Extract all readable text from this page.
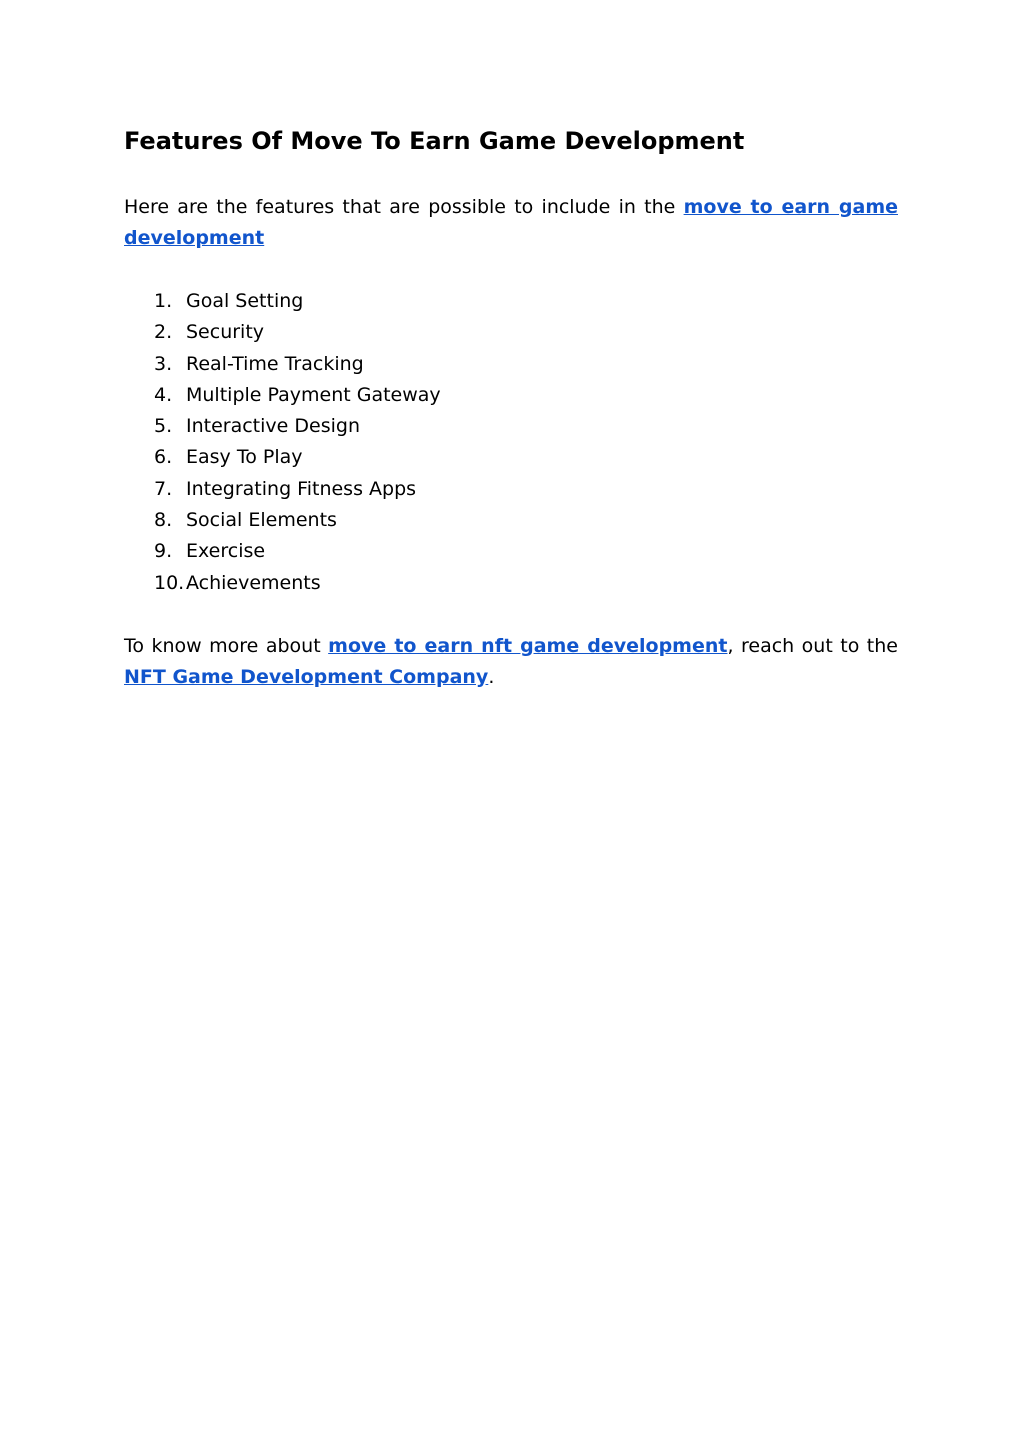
Features Of Move To Earn Game Development

Here are the features that are possible to include in the move to earn game development

1. Goal Setting
2. Security
3. Real-Time Tracking
4. Multiple Payment Gateway
5. Interactive Design
6. Easy To Play
7. Integrating Fitness Apps
8. Social Elements
9. Exercise
10. Achievements

To know more about move to earn nft game development, reach out to the NFT Game Development Company.
